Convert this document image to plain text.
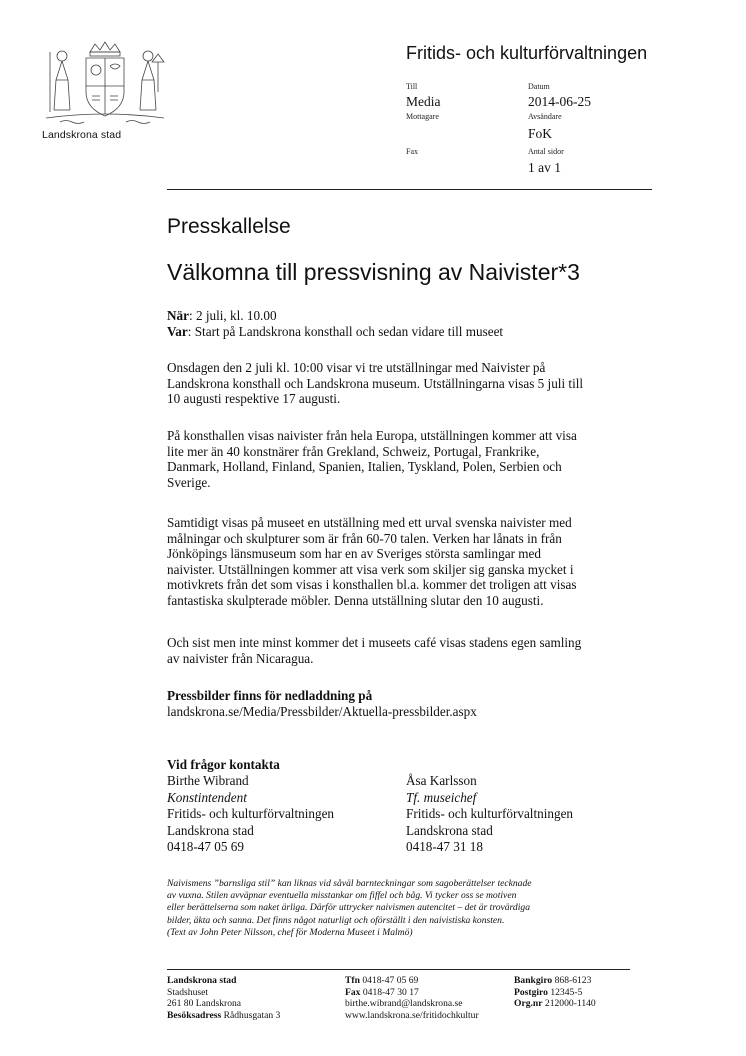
Landskrona stad
Fritids- och kulturförvaltningen
Till
Media
Mottagare
Fax
Datum
2014-06-25
Avsändare
FoK
Antal sidor
1 av 1
Presskallelse
Välkomna till pressvisning av Naivister*3
När: 2 juli, kl. 10.00
Var: Start på Landskrona konsthall och sedan vidare till museet
Onsdagen den 2 juli kl. 10:00 visar vi tre utställningar med Naivister på
Landskrona konsthall och Landskrona museum. Utställningarna visas 5 juli till
10 augusti respektive 17 augusti.
På konsthallen visas naivister från hela Europa, utställningen kommer att visa
lite mer än 40 konstnärer från Grekland, Schweiz, Portugal, Frankrike,
Danmark, Holland, Finland, Spanien, Italien, Tyskland, Polen, Serbien och
Sverige.
Samtidigt visas på museet en utställning med ett urval svenska naivister med
målningar och skulpturer som är från 60-70 talen. Verken har lånats in från
Jönköpings länsmuseum som har en av Sveriges största samlingar med
naivister. Utställningen kommer att visa verk som skiljer sig ganska mycket i
motivkrets från det som visas i konsthallen bl.a. kommer det troligen att visas
fantastiska skulpterade möbler. Denna utställning slutar den 10 augusti.
Och sist men inte minst kommer det i museets café visas stadens egen samling
av naivister från Nicaragua.
Pressbilder finns för nedladdning på
landskrona.se/Media/Pressbilder/Aktuella-pressbilder.aspx
Vid frågor kontakta
Birthe Wibrand
Konstintendent
Fritids- och kulturförvaltningen
Landskrona stad
0418-47 05 69
Åsa Karlsson
Tf. museichef
Fritids- och kulturförvaltningen
Landskrona stad
0418-47 31 18
Naivismens ”barnsliga stil” kan liknas vid såväl barnteckningar som sagoberättelser tecknade
av vuxna. Stilen avväpnar eventuella misstankar om fiffel och båg. Vi tycker oss se motiven
eller berättelserna som naket ärliga. Därför uttrycker naivismen autencitet – det är trovärdiga
bilder, äkta och sanna. Det finns något naturligt och oförställt i den naivistiska konsten.
(Text av John Peter Nilsson, chef för Moderna Museet i Malmö)
Landskrona stad
Stadshuset
261 80 Landskrona
Besöksadress Rådhusgatan 3
Tfn 0418-47 05 69
Fax 0418-47 30 17
birthe.wibrand@landskrona.se
www.landskrona.se/fritidochkultur
Bankgiro 868-6123
Postgiro 12345-5
Org.nr 212000-1140
